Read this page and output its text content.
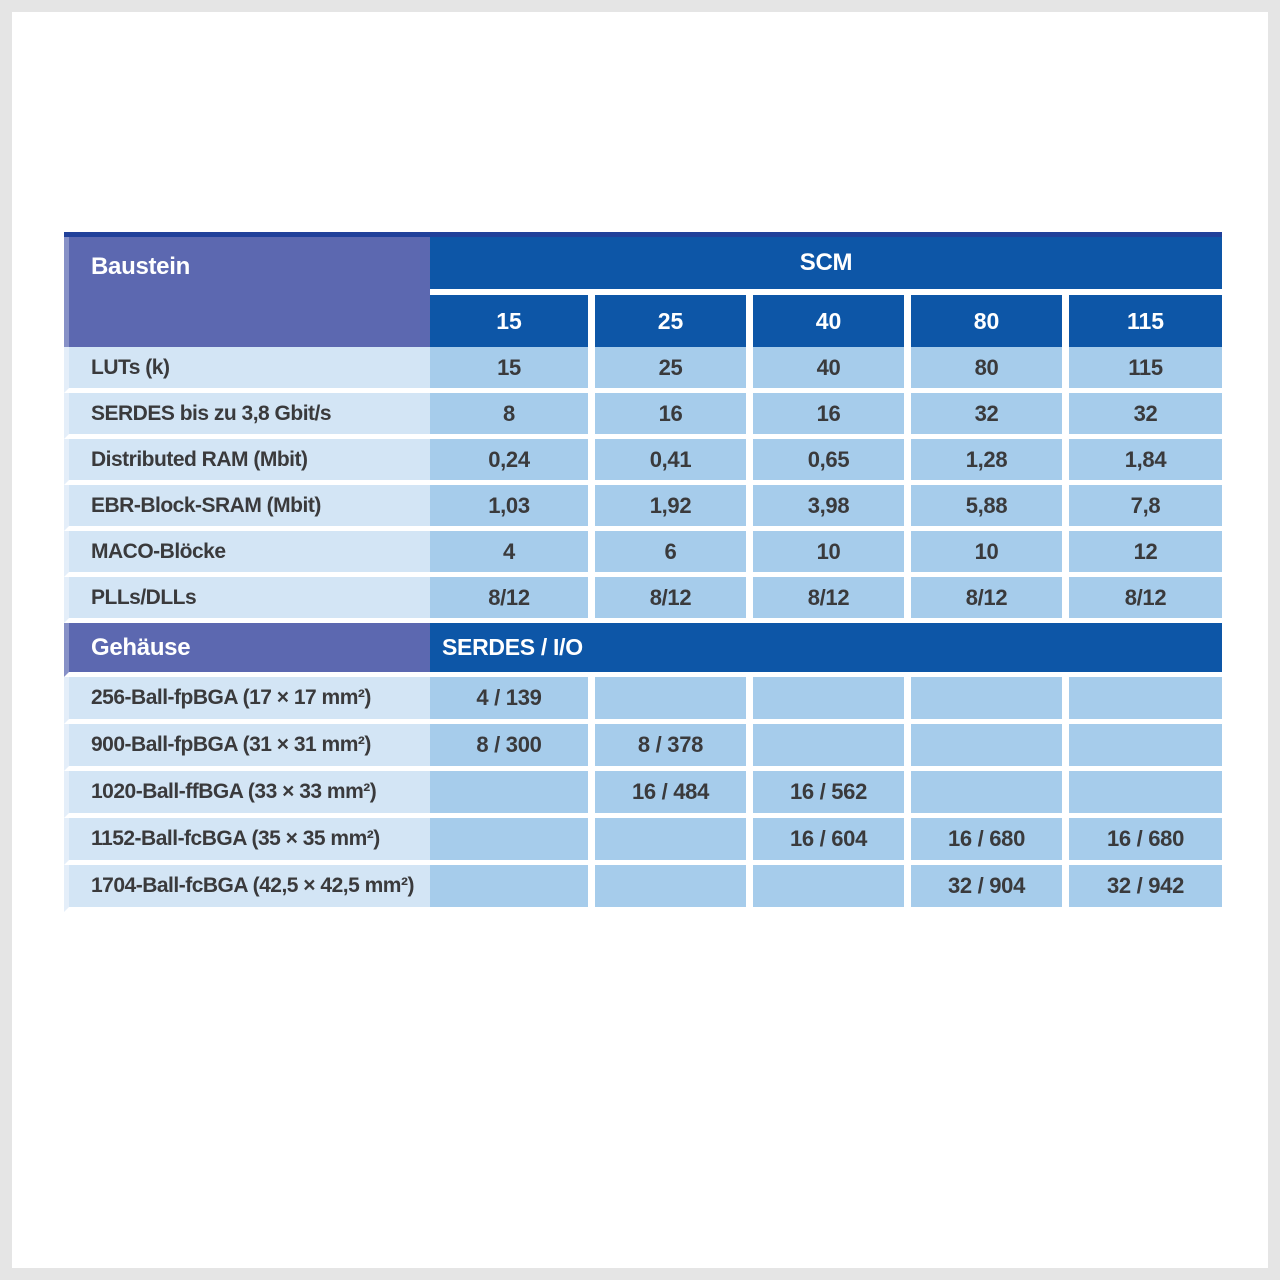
Baustein	SCM				
	15	25	40	80	115
LUTs (k)	15	25	40	80	115
SERDES bis zu 3,8 Gbit/s	8	16	16	32	32
Distributed RAM (Mbit)	0,24	0,41	0,65	1,28	1,84
EBR-Block-SRAM (Mbit)	1,03	1,92	3,98	5,88	7,8
MACO-Blöcke	4	6	10	10	12
PLLs/DLLs	8/12	8/12	8/12	8/12	8/12
Gehäuse	SERDES / I/O				
256-Ball-fpBGA (17 × 17 mm²)	4 / 139				
900-Ball-fpBGA (31 × 31 mm²)	8 / 300	8 / 378			
1020-Ball-ffBGA (33 × 33 mm²)		16 / 484	16 / 562		
1152-Ball-fcBGA (35 × 35 mm²)			16 / 604	16 / 680	16 / 680
1704-Ball-fcBGA (42,5 × 42,5 mm²)				32 / 904	32 / 942
